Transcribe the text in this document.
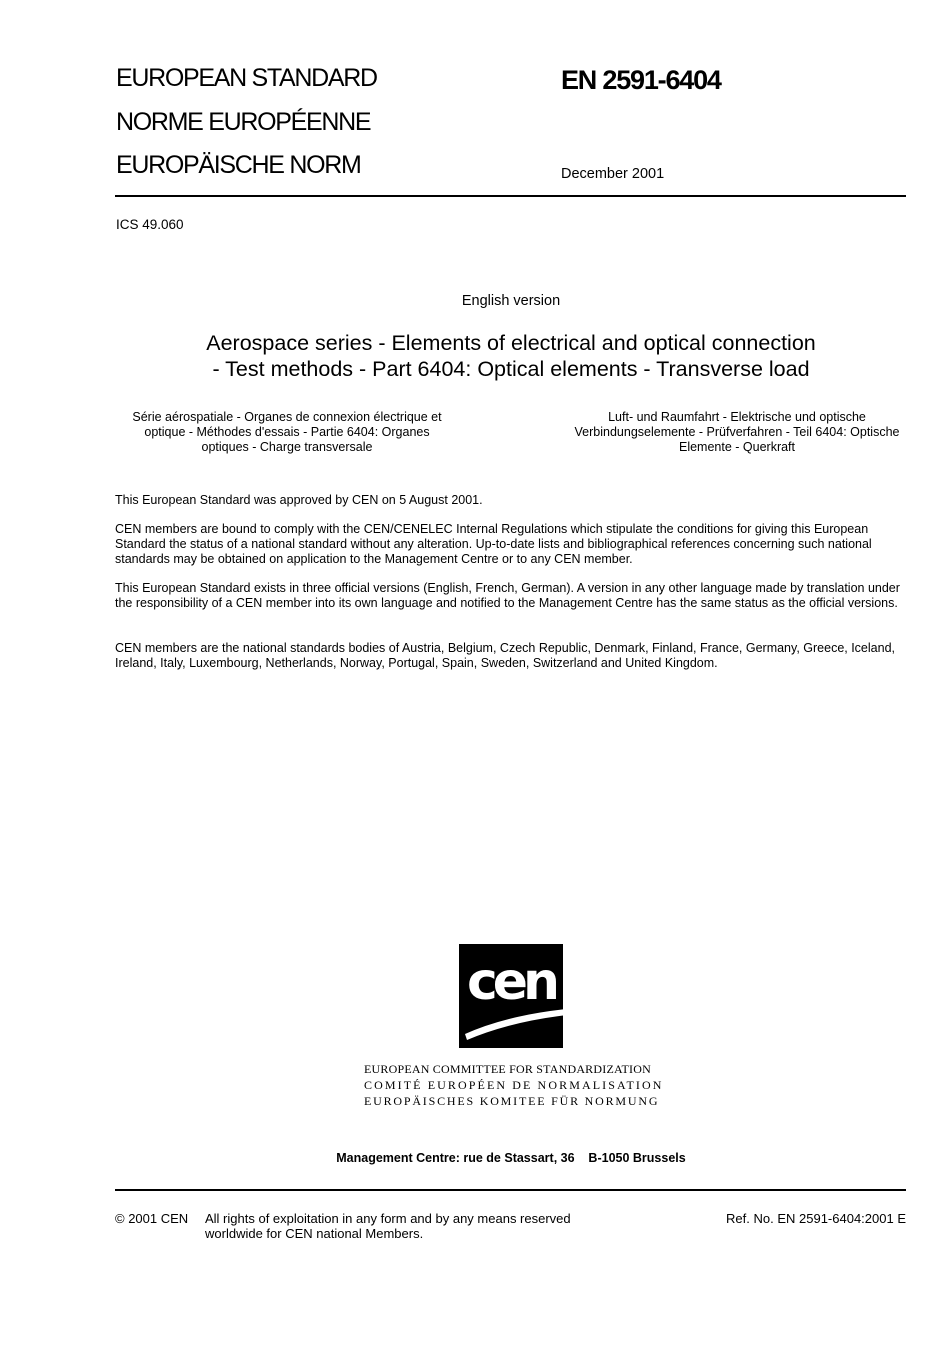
EUROPEAN STANDARD
NORME EUROPÉENNE
EUROPÄISCHE NORM
EN 2591-6404
December 2001
ICS 49.060
English version
Aerospace series - Elements of electrical and optical connection
- Test methods - Part 6404: Optical elements - Transverse load
Série aérospatiale - Organes de connexion électrique et
optique - Méthodes d'essais - Partie 6404: Organes
optiques - Charge transversale
Luft- und Raumfahrt - Elektrische und optische
Verbindungselemente - Prüfverfahren - Teil 6404: Optische
Elemente - Querkraft
This European Standard was approved by CEN on 5 August 2001.
CEN members are bound to comply with the CEN/CENELEC Internal Regulations which stipulate the conditions for giving this European Standard the status of a national standard without any alteration. Up-to-date lists and bibliographical references concerning such national standards may be obtained on application to the Management Centre or to any CEN member.
This European Standard exists in three official versions (English, French, German). A version in any other language made by translation under the responsibility of a CEN member into its own language and notified to the Management Centre has the same status as the official versions.
CEN members are the national standards bodies of Austria, Belgium, Czech Republic, Denmark, Finland, France, Germany, Greece, Iceland, Ireland, Italy, Luxembourg, Netherlands, Norway, Portugal, Spain, Sweden, Switzerland and United Kingdom.
cen
EUROPEAN COMMITTEE FOR STANDARDIZATION
COMITÉ EUROPÉEN DE NORMALISATION
EUROPÄISCHES KOMITEE FÜR NORMUNG
Management Centre: rue de Stassart, 36    B-1050 Brussels
© 2001 CEN All rights of exploitation in any form and by any means reserved
worldwide for CEN national Members.
Ref. No. EN 2591-6404:2001 E
